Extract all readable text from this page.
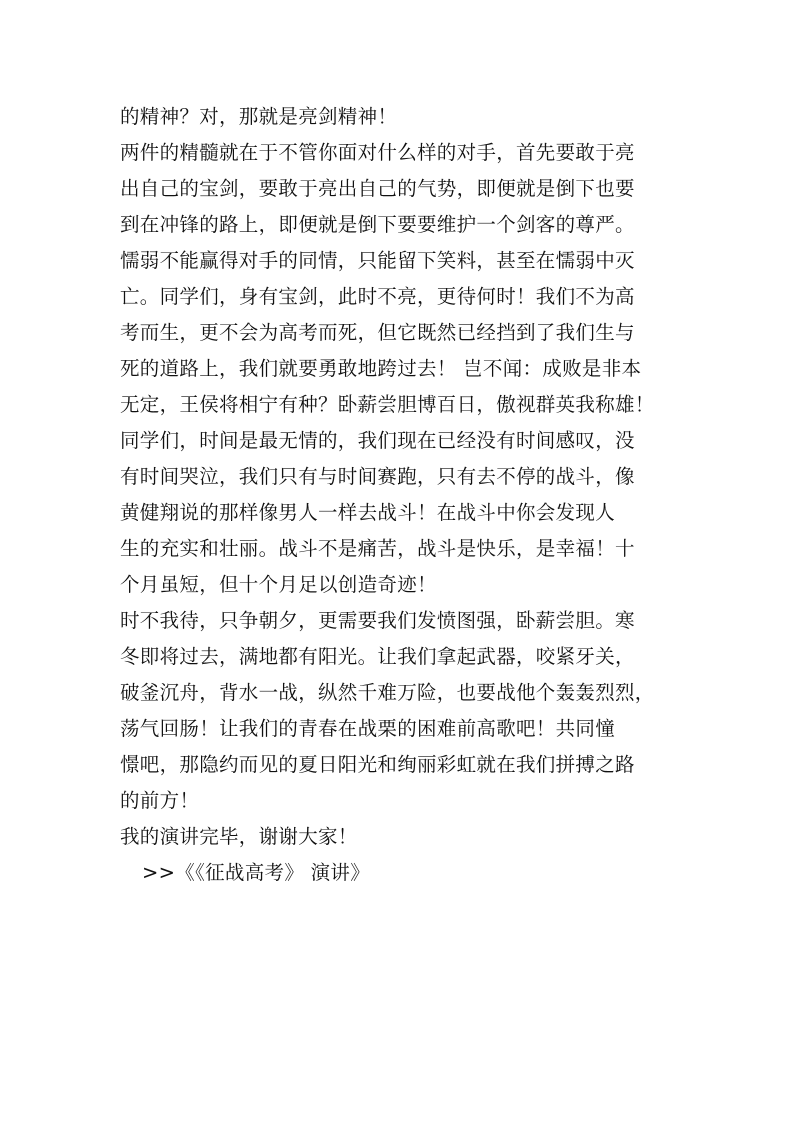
的精神？对，那就是亮剑精神！
两件的精髓就在于不管你面对什么样的对手，首先要敢于亮
出自己的宝剑，要敢于亮出自己的气势，即便就是倒下也要
到在冲锋的路上，即便就是倒下要要维护一个剑客的尊严。
懦弱不能赢得对手的同情，只能留下笑料，甚至在懦弱中灭
亡。同学们，身有宝剑，此时不亮，更待何时！我们不为高
考而生，更不会为高考而死，但它既然已经挡到了我们生与
死的道路上，我们就要勇敢地跨过去！ 岂不闻：成败是非本
无定，王侯将相宁有种？卧薪尝胆博百日，傲视群英我称雄！
同学们，时间是最无情的，我们现在已经没有时间感叹，没
有时间哭泣，我们只有与时间赛跑，只有去不停的战斗，像
黄健翔说的那样像男人一样去战斗！在战斗中你会发现人
生的充实和壮丽。战斗不是痛苦，战斗是快乐，是幸福！十
个月虽短，但十个月足以创造奇迹！
时不我待，只争朝夕，更需要我们发愤图强，卧薪尝胆。寒
冬即将过去，满地都有阳光。让我们拿起武器，咬紧牙关，
破釜沉舟，背水一战，纵然千难万险，也要战他个轰轰烈烈，
荡气回肠！让我们的青春在战栗的困难前高歌吧！共同憧
憬吧，那隐约而见的夏日阳光和绚丽彩虹就在我们拼搏之路
的前方！
我的演讲完毕，谢谢大家！
>>《《征战高考》 演讲》
